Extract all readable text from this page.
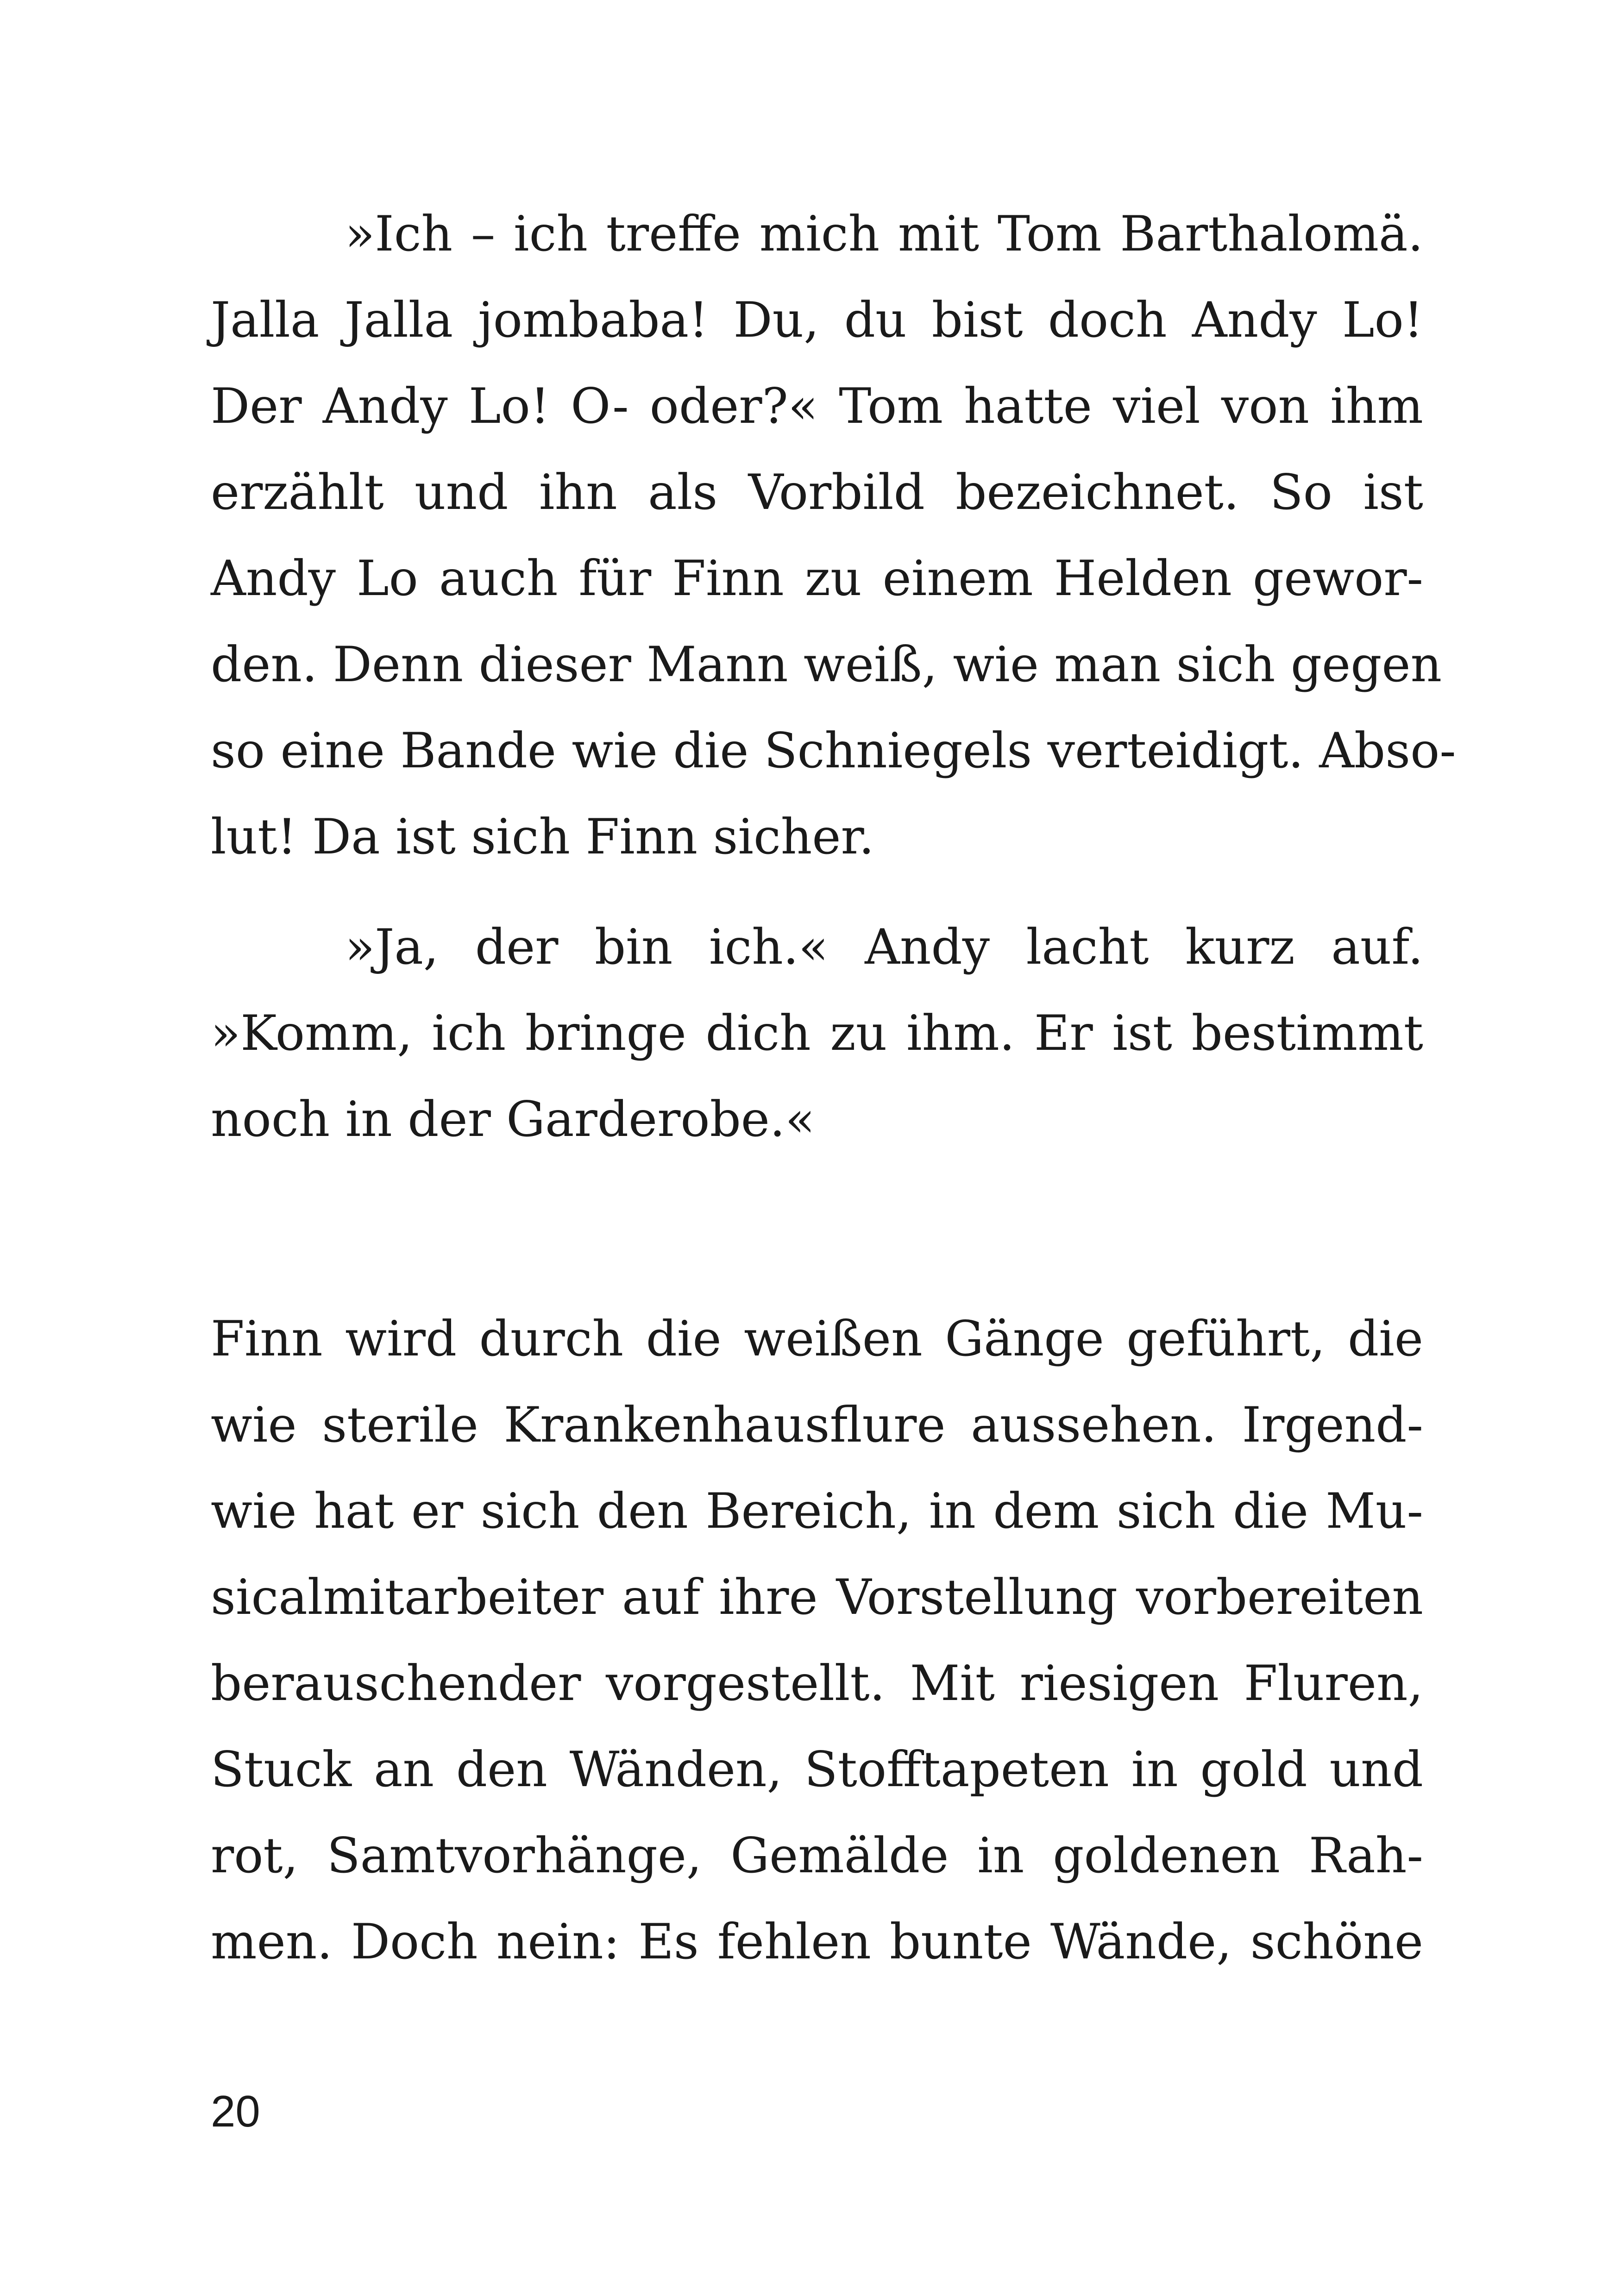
»Ich – ich treffe mich mit Tom Barthalomä.
Jalla Jalla jombaba! Du, du bist doch Andy Lo!
Der Andy Lo! O- oder?« Tom hatte viel von ihm
erzählt und ihn als Vorbild bezeichnet. So ist
Andy Lo auch für Finn zu einem Helden gewor-
den. Denn dieser Mann weiß, wie man sich gegen
so eine Bande wie die Schniegels verteidigt. Abso-
lut! Da ist sich Finn sicher.
»Ja, der bin ich.« Andy lacht kurz auf.
»Komm, ich bringe dich zu ihm. Er ist bestimmt
noch in der Garderobe.«
Finn wird durch die weißen Gänge geführt, die
wie sterile Krankenhausflure aussehen. Irgend-
wie hat er sich den Bereich, in dem sich die Mu-
sicalmitarbeiter auf ihre Vorstellung vorbereiten
berauschender vorgestellt. Mit riesigen Fluren,
Stuck an den Wänden, Stofftapeten in gold und
rot, Samtvorhänge, Gemälde in goldenen Rah-
men. Doch nein: Es fehlen bunte Wände, schöne
20
